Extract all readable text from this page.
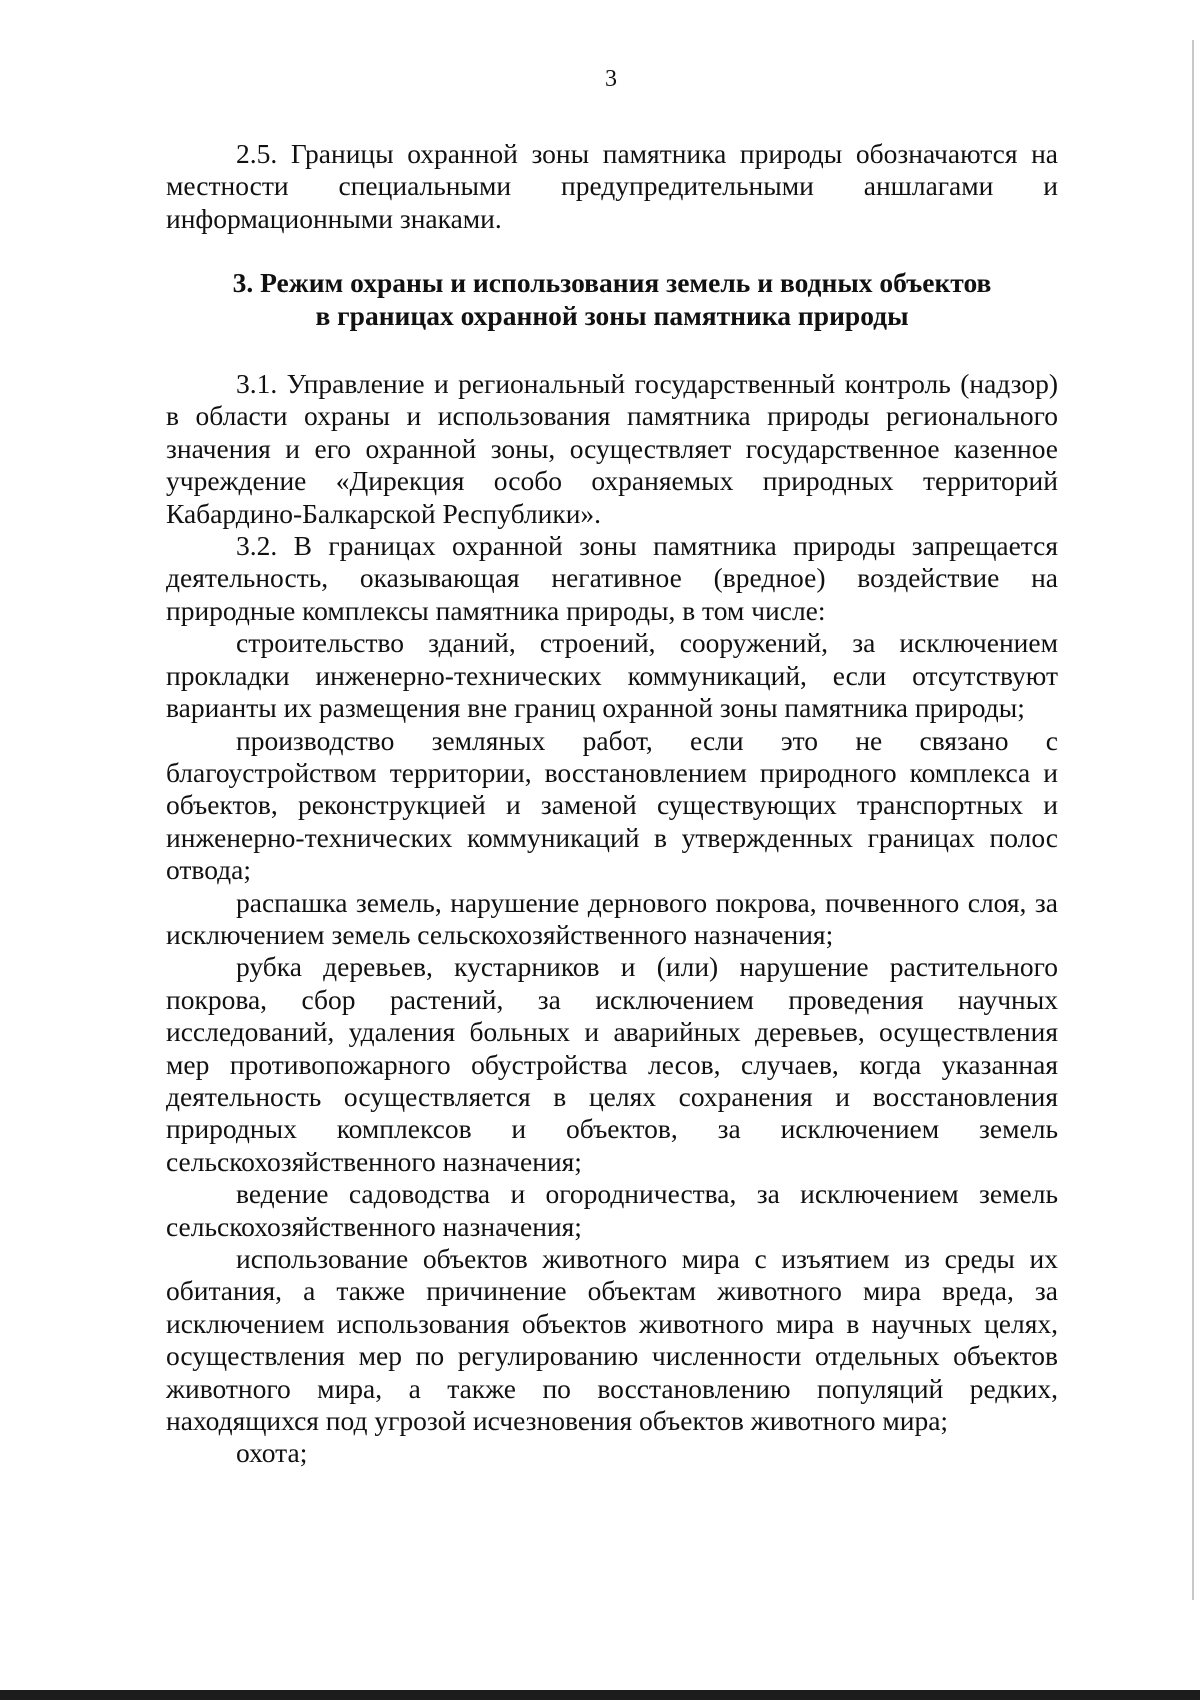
3

2.5. Границы охранной зоны памятника природы обозначаются на местности специальными предупредительными аншлагами и информационными знаками.

3. Режим охраны и использования земель и водных объектов
в границах охранной зоны памятника природы

3.1. Управление и региональный государственный контроль (надзор) в области охраны и использования памятника природы регионального значения и его охранной зоны, осуществляет государственное казенное учреждение «Дирекция особо охраняемых природных территорий Кабардино-Балкарской Республики».

3.2. В границах охранной зоны памятника природы запрещается деятельность, оказывающая негативное (вредное) воздействие на природные комплексы памятника природы, в том числе:

строительство зданий, строений, сооружений, за исключением прокладки инженерно-технических коммуникаций, если отсутствуют варианты их размещения вне границ охранной зоны памятника природы;

производство земляных работ, если это не связано с благоустройством территории, восстановлением природного комплекса и объектов, реконструкцией и заменой существующих транспортных и инженерно-технических коммуникаций в утвержденных границах полос отвода;

распашка земель, нарушение дернового покрова, почвенного слоя, за исключением земель сельскохозяйственного назначения;

рубка деревьев, кустарников и (или) нарушение растительного покрова, сбор растений, за исключением проведения научных исследований, удаления больных и аварийных деревьев, осуществления мер противопожарного обустройства лесов, случаев, когда указанная деятельность осуществляется в целях сохранения и восстановления природных комплексов и объектов, за исключением земель сельскохозяйственного назначения;

ведение садоводства и огородничества, за исключением земель сельскохозяйственного назначения;

использование объектов животного мира с изъятием из среды их обитания, а также причинение объектам животного мира вреда, за исключением использования объектов животного мира в научных целях, осуществления мер по регулированию численности отдельных объектов животного мира, а также по восстановлению популяций редких, находящихся под угрозой исчезновения объектов животного мира;

охота;
